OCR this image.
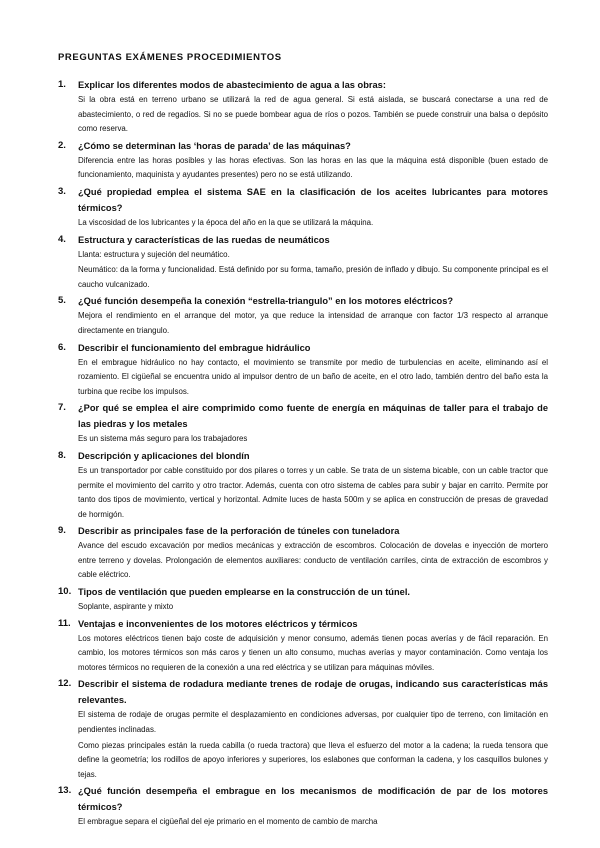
PREGUNTAS EXÁMENES PROCEDIMIENTOS
1. Explicar los diferentes modos de abastecimiento de agua a las obras:
Si la obra está en terreno urbano se utilizará la red de agua general. Si está aislada, se buscará conectarse a una red de abastecimiento, o red de regadíos. Si no se puede bombear agua de ríos o pozos. También se puede construir una balsa o depósito como reserva.
2. ¿Cómo se determinan las ‘horas de parada’ de las máquinas?
Diferencia entre las horas posibles y las horas efectivas. Son las horas en las que la máquina está disponible (buen estado de funcionamiento, maquinista y ayudantes presentes) pero no se está utilizando.
3. ¿Qué propiedad emplea el sistema SAE en la clasificación de los aceites lubricantes para motores térmicos?
La viscosidad de los lubricantes y la época del año en la que se utilizará la máquina.
4. Estructura y características de las ruedas de neumáticos
Llanta: estructura y sujeción del neumático.
Neumático: da la forma y funcionalidad. Está definido por su forma, tamaño, presión de inflado y dibujo. Su componente principal es el caucho vulcanizado.
5. ¿Qué función desempeña la conexión “estrella-triangulo” en los motores eléctricos?
Mejora el rendimiento en el arranque del motor, ya que reduce la intensidad de arranque con factor 1/3 respecto al arranque directamente en triangulo.
6. Describir el funcionamiento del embrague hidráulico
En el embrague hidráulico no hay contacto, el movimiento se transmite por medio de turbulencias en aceite, eliminando así el rozamiento. El cigüeñal se encuentra unido al impulsor dentro de un baño de aceite, en el otro lado, también dentro del baño esta la turbina que recibe los impulsos.
7. ¿Por qué se emplea el aire comprimido como fuente de energía en máquinas de taller para el trabajo de las piedras y los metales
Es un sistema más seguro para los trabajadores
8. Descripción y aplicaciones del blondín
Es un transportador por cable constituido por dos pilares o torres y un cable. Se trata de un sistema bicable, con un cable tractor que permite el movimiento del carrito y otro tractor. Además, cuenta con otro sistema de cables para subir y bajar en carrito. Permite por tanto dos tipos de movimiento, vertical y horizontal. Admite luces de hasta 500m y se aplica en construcción de presas de gravedad de hormigón.
9. Describir as principales fase de la perforación de túneles con tuneladora
Avance del escudo excavación por medios mecánicas y extracción de escombros. Colocación de dovelas e inyección de mortero entre terreno y dovelas. Prolongación de elementos auxiliares: conducto de ventilación carriles, cinta de extracción de escombros y cable eléctrico.
10. Tipos de ventilación que pueden emplearse en la construcción de un túnel.
Soplante, aspirante y mixto
11. Ventajas e inconvenientes de los motores eléctricos y térmicos
Los motores eléctricos tienen bajo coste de adquisición y menor consumo, además tienen pocas averías y de fácil reparación. En cambio, los motores térmicos son más caros y tienen un alto consumo, muchas averías y mayor contaminación. Como ventaja los motores térmicos no requieren de la conexión a una red eléctrica y se utilizan para máquinas móviles.
12. Describir el sistema de rodadura mediante trenes de rodaje de orugas, indicando sus características más relevantes.
El sistema de rodaje de orugas permite el desplazamiento en condiciones adversas, por cualquier tipo de terreno, con limitación en pendientes inclinadas.
Como piezas principales están la rueda cabilla (o rueda tractora) que lleva el esfuerzo del motor a la cadena; la rueda tensora que define la geometría; los rodillos de apoyo inferiores y superiores, los eslabones que conforman la cadena, y los casquillos bulones y tejas.
13. ¿Qué función desempeña el embrague en los mecanismos de modificación de par de los motores térmicos?
El embrague separa el cigüeñal del eje primario en el momento de cambio de marcha
